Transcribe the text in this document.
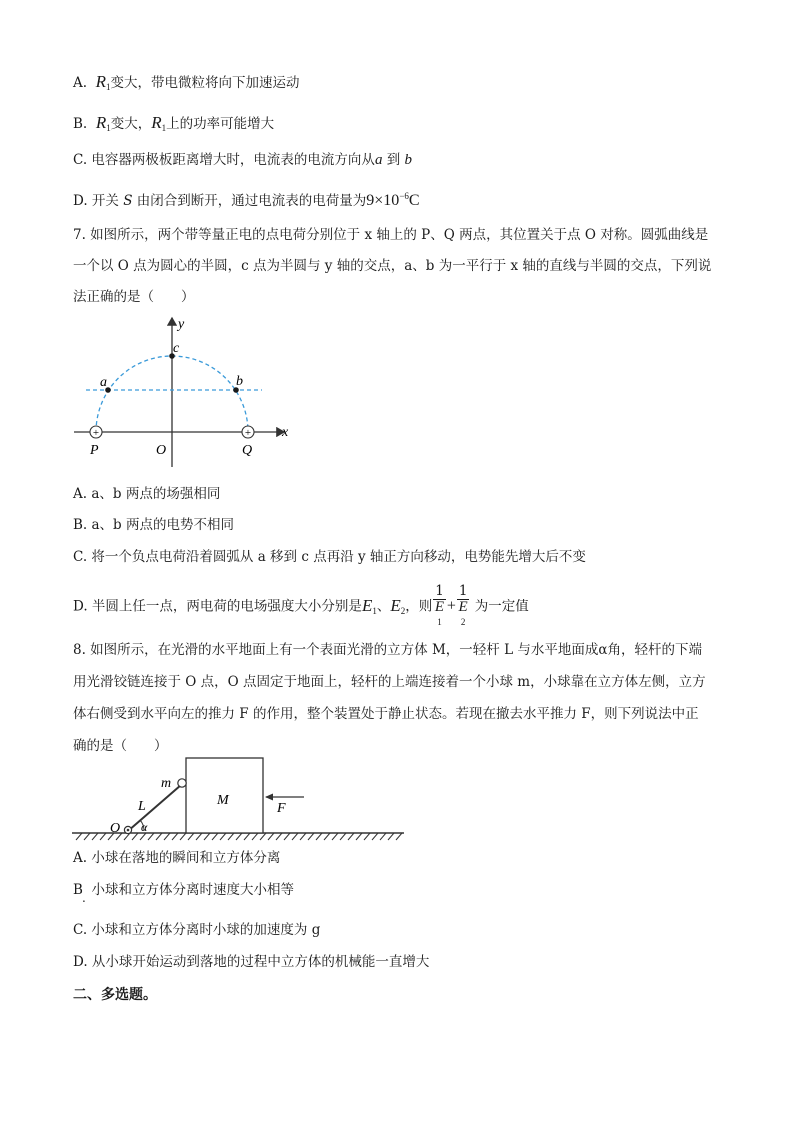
A. $R_1$变大，带电微粒将向下加速运动
B. $R_1$变大，$R_1$上的功率可能增大
C. 电容器两极板距离增大时，电流表的电流方向从a 到 b
D. 开关 S 由闭合到断开，通过电流表的电荷量为$9\times 10^{-6}C$
7. 如图所示，两个带等量正电的点电荷分别位于 x 轴上的 P、Q 两点，其位置关于点 O 对称。圆弧曲线是
一个以 O 点为圆心的半圆，c 点为半圆与 y 轴的交点，a、b 为一平行于 x 轴的直线与半圆的交点，下列说
法正确的是（　　）
+	+
y
x
c
a	b
P	O	Q
A. a、b 两点的场强相同
B. a、b 两点的电势不相同
C. 将一个负点电荷沿着圆弧从 a 移到 c 点再沿 y 轴正方向移动，电势能先增大后不变
D. 半圆上任一点，两电荷的电场强度大小分别是$E_1$、$E_2$，则 1
E
1 + 1
E
2 为一定值
8. 如图所示，在光滑的水平地面上有一个表面光滑的立方体 M，一轻杆 L 与水平地面成α角，轻杆的下端
用光滑铰链连接于 O 点，O 点固定于地面上，轻杆的上端连接着一个小球 m，小球靠在立方体左侧，立方
体右侧受到水平向左的推力 F 的作用，整个装置处于静止状态。若现在撤去水平推力 F，则下列说法中正
确的是（　　）
m
M
L	F
O α
A. 小球在落地的瞬间和立方体分离
B 小球和立方体分离时速度大小相等
.
C. 小球和立方体分离时小球的加速度为 g
D. 从小球开始运动到落地的过程中立方体的机械能一直增大
二、多选题。
